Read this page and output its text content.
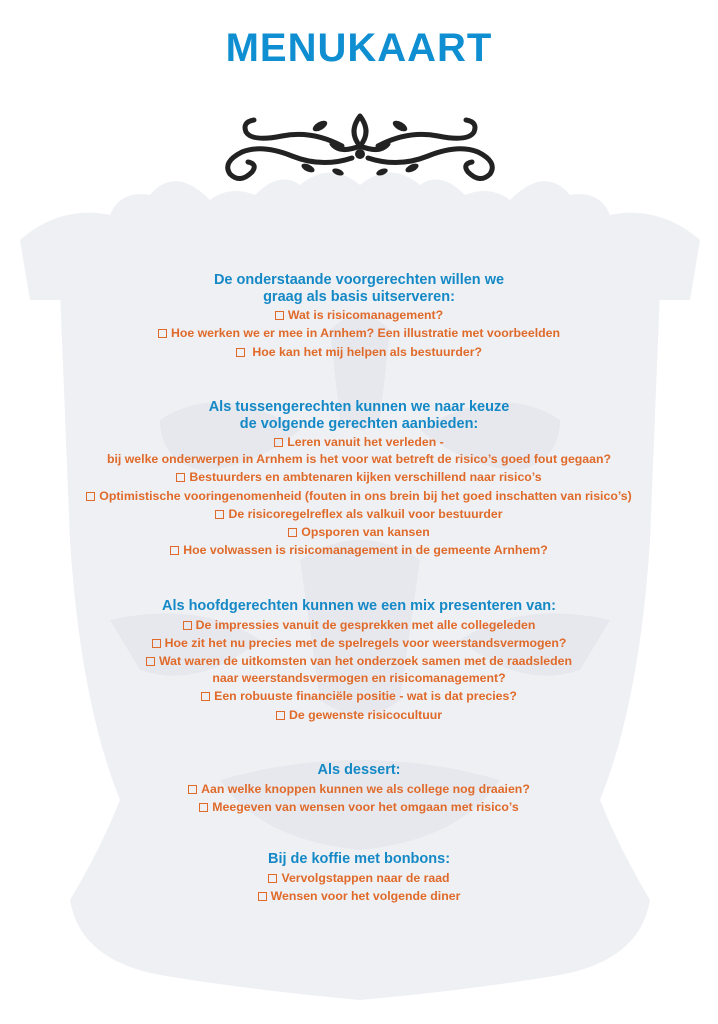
MENUKAART
De onderstaande voorgerechten willen we
graag als basis uitserveren:
Wat is risicomanagement?
Hoe werken we er mee in Arnhem? Een illustratie met voorbeelden
Hoe kan het mij helpen als bestuurder?
Als tussengerechten kunnen we naar keuze
de volgende gerechten aanbieden:
Leren vanuit het verleden -
bij welke onderwerpen in Arnhem is het voor wat betreft de risico’s goed fout gegaan?
Bestuurders en ambtenaren kijken verschillend naar risico’s
Optimistische vooringenomenheid (fouten in ons brein bij het goed inschatten van risico’s)
De risicoregelreflex als valkuil voor bestuurder
Opsporen van kansen
Hoe volwassen is risicomanagement in de gemeente Arnhem?
Als hoofdgerechten kunnen we een mix presenteren van:
De impressies vanuit de gesprekken met alle collegeleden
Hoe zit het nu precies met de spelregels voor weerstandsvermogen?
Wat waren de uitkomsten van het onderzoek samen met de raadsleden
naar weerstandsvermogen en risicomanagement?
Een robuuste financiële positie - wat is dat precies?
De gewenste risicocultuur
Als dessert:
Aan welke knoppen kunnen we als college nog draaien?
Meegeven van wensen voor het omgaan met risico’s
Bij de koffie met bonbons:
Vervolgstappen naar de raad
Wensen voor het volgende diner
